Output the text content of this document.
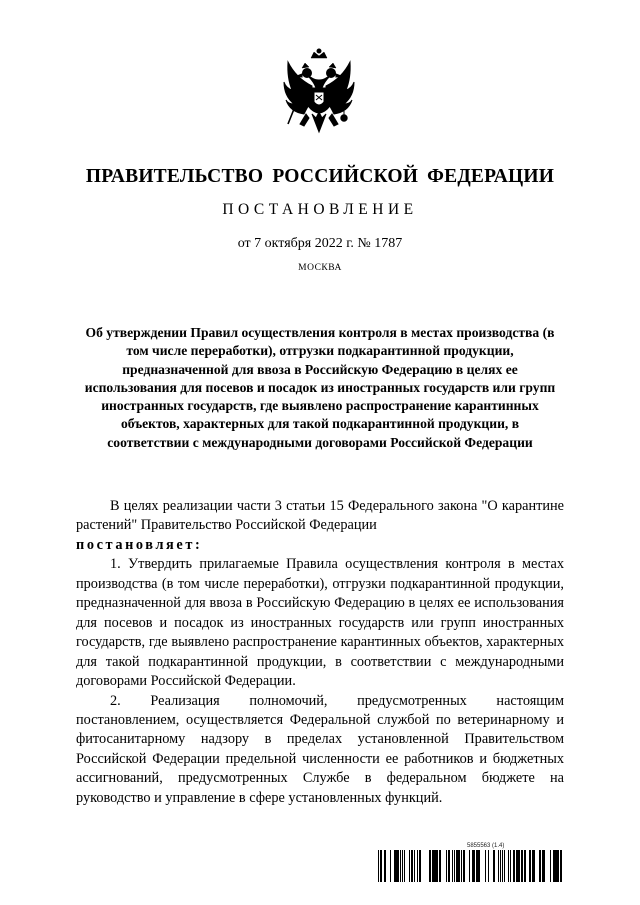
ПРАВИТЕЛЬСТВО РОССИЙСКОЙ ФЕДЕРАЦИИ
ПОСТАНОВЛЕНИЕ
от 7 октября 2022 г. № 1787
МОСКВА
Об утверждении Правил осуществления контроля в местах производства (в том числе переработки), отгрузки подкарантинной продукции, предназначенной для ввоза в Российскую Федерацию в целях ее использования для посевов и посадок из иностранных государств или групп иностранных государств, где выявлено распространение карантинных объектов, характерных для такой подкарантинной продукции, в соответствии с международными договорами Российской Федерации

В целях реализации части 3 статьи 15 Федерального закона "О карантине растений" Правительство Российской Федерации

постановляет:

1. Утвердить прилагаемые Правила осуществления контроля в местах производства (в том числе переработки), отгрузки подкарантинной продукции, предназначенной для ввоза в Российскую Федерацию в целях ее использования для посевов и посадок из иностранных государств или групп иностранных государств, где выявлено распространение карантинных объектов, характерных для такой подкарантинной продукции, в соответствии с международными договорами Российской Федерации.

2. Реализация полномочий, предусмотренных настоящим постановлением, осуществляется Федеральной службой по ветеринарному и фитосанитарному надзору в пределах установленной Правительством Российской Федерации предельной численности ее работников и бюджетных ассигнований, предусмотренных Службе в федеральном бюджете на руководство и управление в сфере установленных функций.

5855563 (1.4)
